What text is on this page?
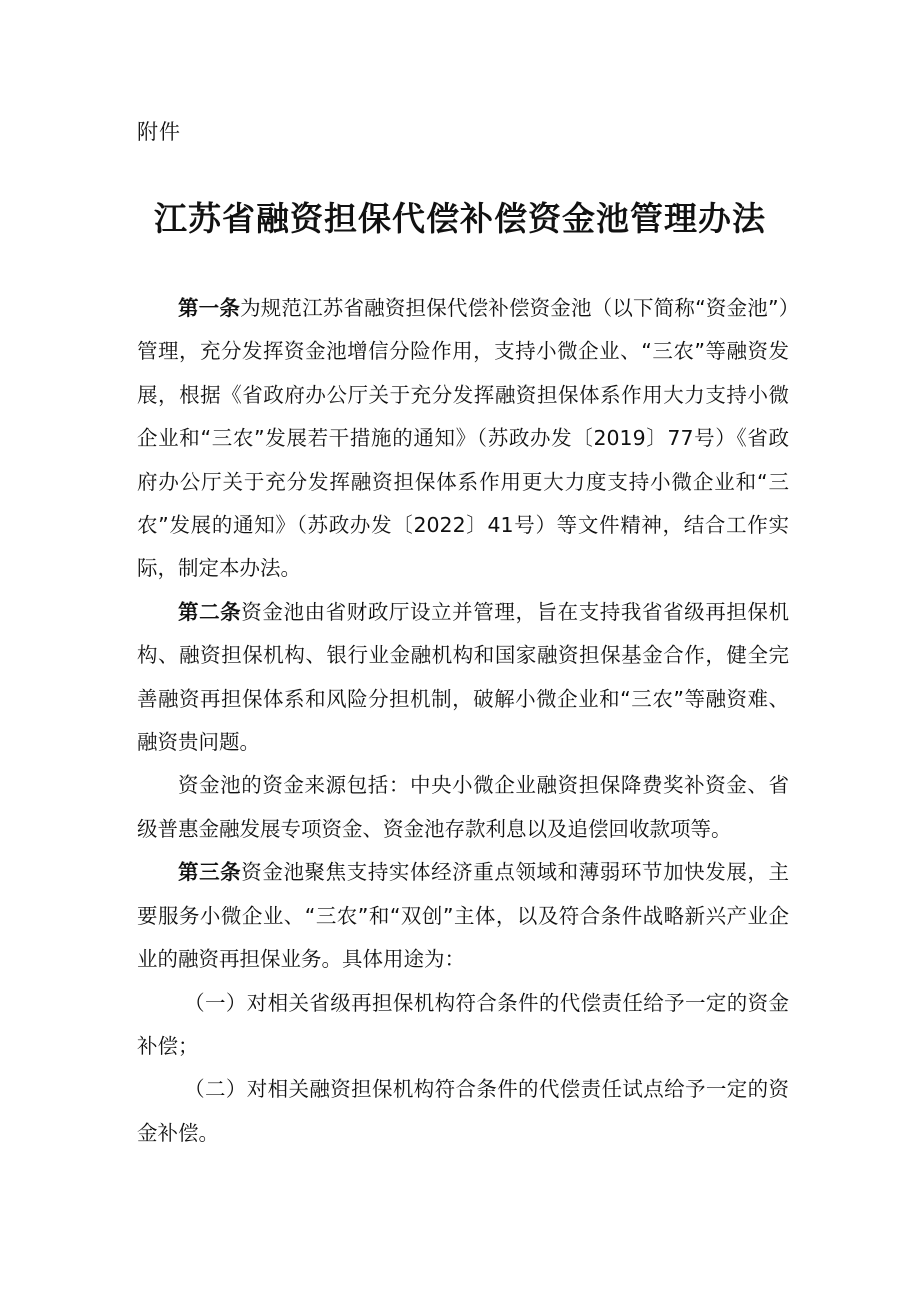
附件
江苏省融资担保代偿补偿资金池管理办法

第一条为规范江苏省融资担保代偿补偿资金池（以下简称“资金池”）管理，充分发挥资金池增信分险作用，支持小微企业、“三农”等融资发展，根据《省政府办公厅关于充分发挥融资担保体系作用大力支持小微企业和“三农”发展若干措施的通知》（苏政办发〔2019〕77号）《省政府办公厅关于充分发挥融资担保体系作用更大力度支持小微企业和“三农”发展的通知》（苏政办发〔2022〕41号）等文件精神，结合工作实际，制定本办法。

第二条资金池由省财政厅设立并管理，旨在支持我省省级再担保机构、融资担保机构、银行业金融机构和国家融资担保基金合作，健全完善融资再担保体系和风险分担机制，破解小微企业和“三农”等融资难、融资贵问题。

资金池的资金来源包括：中央小微企业融资担保降费奖补资金、省级普惠金融发展专项资金、资金池存款利息以及追偿回收款项等。

第三条资金池聚焦支持实体经济重点领域和薄弱环节加快发展，主要服务小微企业、“三农”和“双创”主体，以及符合条件战略新兴产业企业的融资再担保业务。具体用途为：

（一）对相关省级再担保机构符合条件的代偿责任给予一定的资金补偿；

（二）对相关融资担保机构符合条件的代偿责任试点给予一定的资金补偿。
